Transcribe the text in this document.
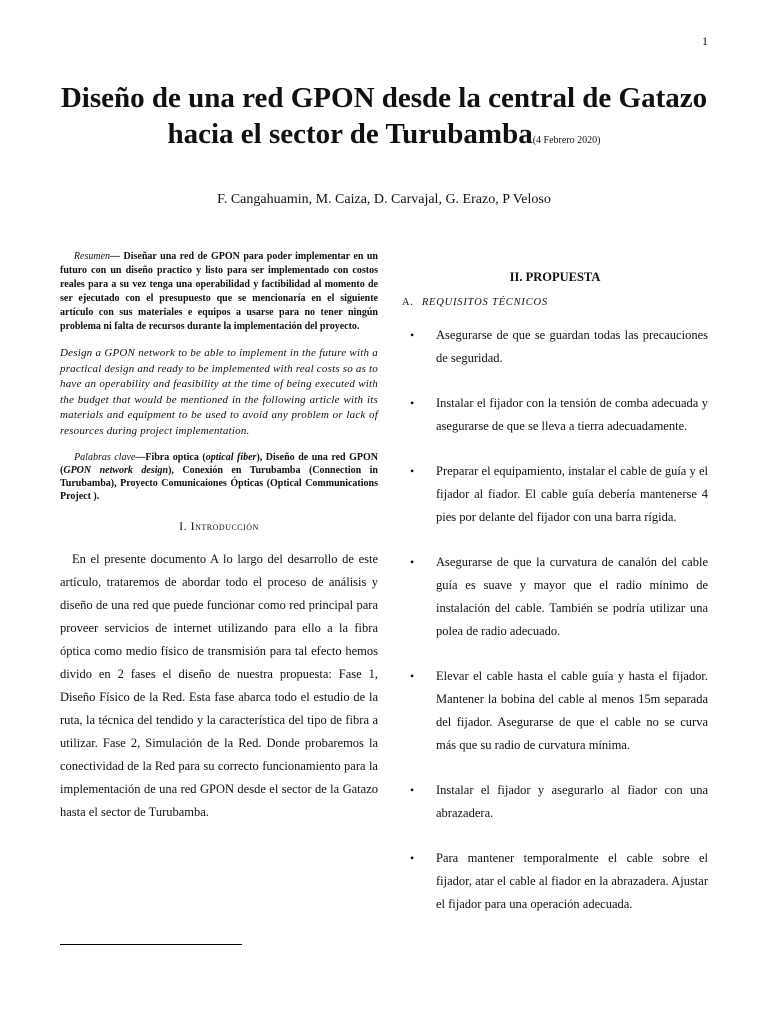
1
Diseño de una red GPON desde la central de Gatazo hacia el sector de Turubamba(4 Febrero 2020)
F. Cangahuamin, M. Caiza, D. Carvajal, G. Erazo, P Veloso

Resumen— Diseñar una red de GPON para poder implementar en un futuro con un diseño practico y listo para ser implementado con costos reales para a su vez tenga una operabilidad y factibilidad al momento de ser ejecutado con el presupuesto que se mencionaría en el siguiente artículo con sus materiales e equipos a usarse para no tener ningún problema ni falta de recursos durante la implementación del proyecto.

Design a GPON network to be able to implement in the future with a practical design and ready to be implemented with real costs so as to have an operability and feasibility at the time of being executed with the budget that would be mentioned in the following article with its materials and equipment to be used to avoid any problem or lack of resources during project implementation.

Palabras clave—Fibra optica (optical fiber), Diseño de una red GPON (GPON network design), Conexión en Turubamba (Connection in Turubamba), Proyecto Comunicaiones Ópticas (Optical Communications Project ).

I. Introducción

En el presente documento A lo largo del desarrollo de este artículo, trataremos de abordar todo el proceso de análisis y diseño de una red que puede funcionar como red principal para proveer servicios de internet utilizando para ello a la fibra óptica como medio físico de transmisión para tal efecto hemos divido en 2 fases el diseño de nuestra propuesta: Fase 1, Diseño Físico de la Red. Esta fase abarca todo el estudio de la ruta, la técnica del tendido y la característica del tipo de fibra a utilizar. Fase 2, Simulación de la Red. Donde probaremos la conectividad de la Red para su correcto funcionamiento para la implementación de una red GPON desde el sector de la Gatazo hasta el sector de Turubamba.

II. PROPUESTA
A. REQUISITOS TÉCNICOS
• Asegurarse de que se guardan todas las precauciones de seguridad.
• Instalar el fijador con la tensión de comba adecuada y asegurarse de que se lleva a tierra adecuadamente.
• Preparar el equipamiento, instalar el cable de guía y el fijador al fiador. El cable guía debería mantenerse 4 pies por delante del fijador con una barra rígida.
• Asegurarse de que la curvatura de canalón del cable guía es suave y mayor que el radio mínimo de instalación del cable. También se podría utilizar una polea de radio adecuado.
• Elevar el cable hasta el cable guía y hasta el fijador. Mantener la bobina del cable al menos 15m separada del fijador. Asegurarse de que el cable no se curva más que su radio de curvatura mínima.
• Instalar el fijador y asegurarlo al fiador con una abrazadera.
• Para mantener temporalmente el cable sobre el fijador, atar el cable al fiador en la abrazadera. Ajustar el fijador para una operación adecuada.
